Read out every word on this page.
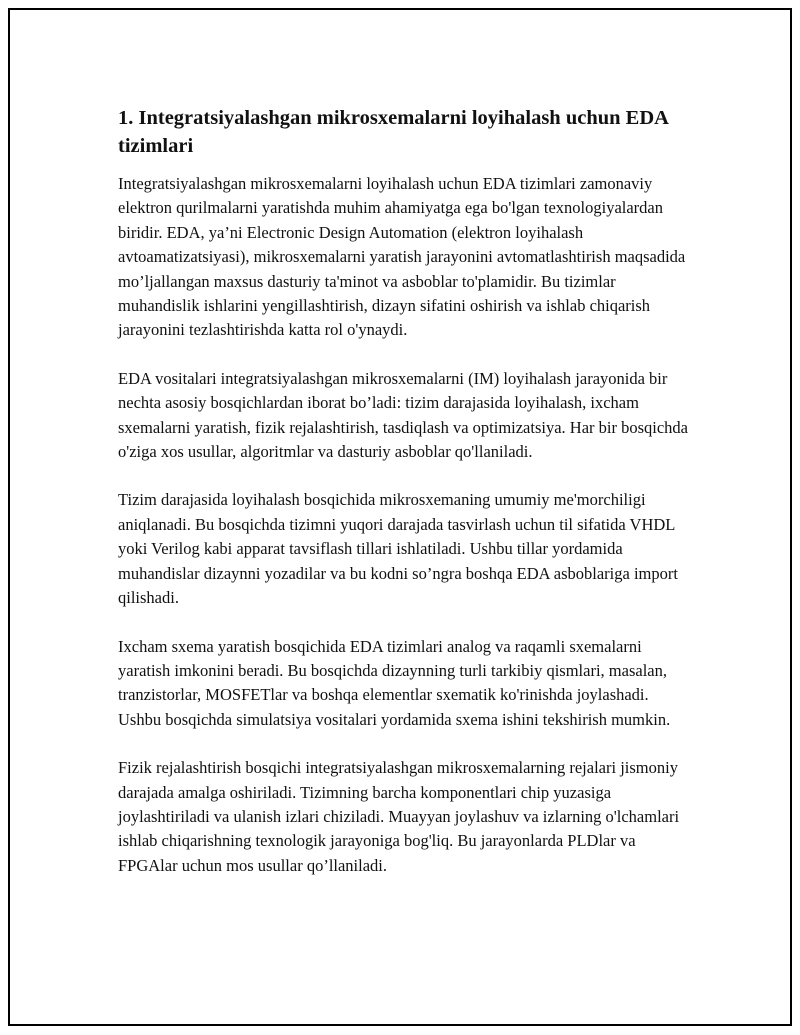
1. Integratsiyalashgan mikrosxemalarni loyihalash uchun EDA tizimlari

Integratsiyalashgan mikrosxemalarni loyihalash uchun EDA tizimlari zamonaviy elektron qurilmalarni yaratishda muhim ahamiyatga ega bo'lgan texnologiyalardan biridir. EDA, ya’ni Electronic Design Automation (elektron loyihalash avtoamatizatsiyasi), mikrosxemalarni yaratish jarayonini avtomatlashtirish maqsadida mo’ljallangan maxsus dasturiy ta'minot va asboblar to'plamidir. Bu tizimlar muhandislik ishlarini yengillashtirish, dizayn sifatini oshirish va ishlab chiqarish jarayonini tezlashtirishda katta rol o'ynaydi.

EDA vositalari integratsiyalashgan mikrosxemalarni (IM) loyihalash jarayonida bir nechta asosiy bosqichlardan iborat bo’ladi: tizim darajasida loyihalash, ixcham sxemalarni yaratish, fizik rejalashtirish, tasdiqlash va optimizatsiya. Har bir bosqichda o'ziga xos usullar, algoritmlar va dasturiy asboblar qo'llaniladi.

Tizim darajasida loyihalash bosqichida mikrosxemaning umumiy me'morchiligi aniqlanadi. Bu bosqichda tizimni yuqori darajada tasvirlash uchun til sifatida VHDL yoki Verilog kabi apparat tavsiflash tillari ishlatiladi. Ushbu tillar yordamida muhandislar dizaynni yozadilar va bu kodni so’ngra boshqa EDA asboblariga import qilishadi.

Ixcham sxema yaratish bosqichida EDA tizimlari analog va raqamli sxemalarni yaratish imkonini beradi. Bu bosqichda dizaynning turli tarkibiy qismlari, masalan, tranzistorlar, MOSFETlar va boshqa elementlar sxematik ko'rinishda joylashadi. Ushbu bosqichda simulatsiya vositalari yordamida sxema ishini tekshirish mumkin.

Fizik rejalashtirish bosqichi integratsiyalashgan mikrosxemalarning rejalari jismoniy darajada amalga oshiriladi. Tizimning barcha komponentlari chip yuzasiga joylashtiriladi va ulanish izlari chiziladi. Muayyan joylashuv va izlarning o'lchamlari ishlab chiqarishning texnologik jarayoniga bog'liq. Bu jarayonlarda PLDlar va FPGAlar uchun mos usullar qo’llaniladi.
